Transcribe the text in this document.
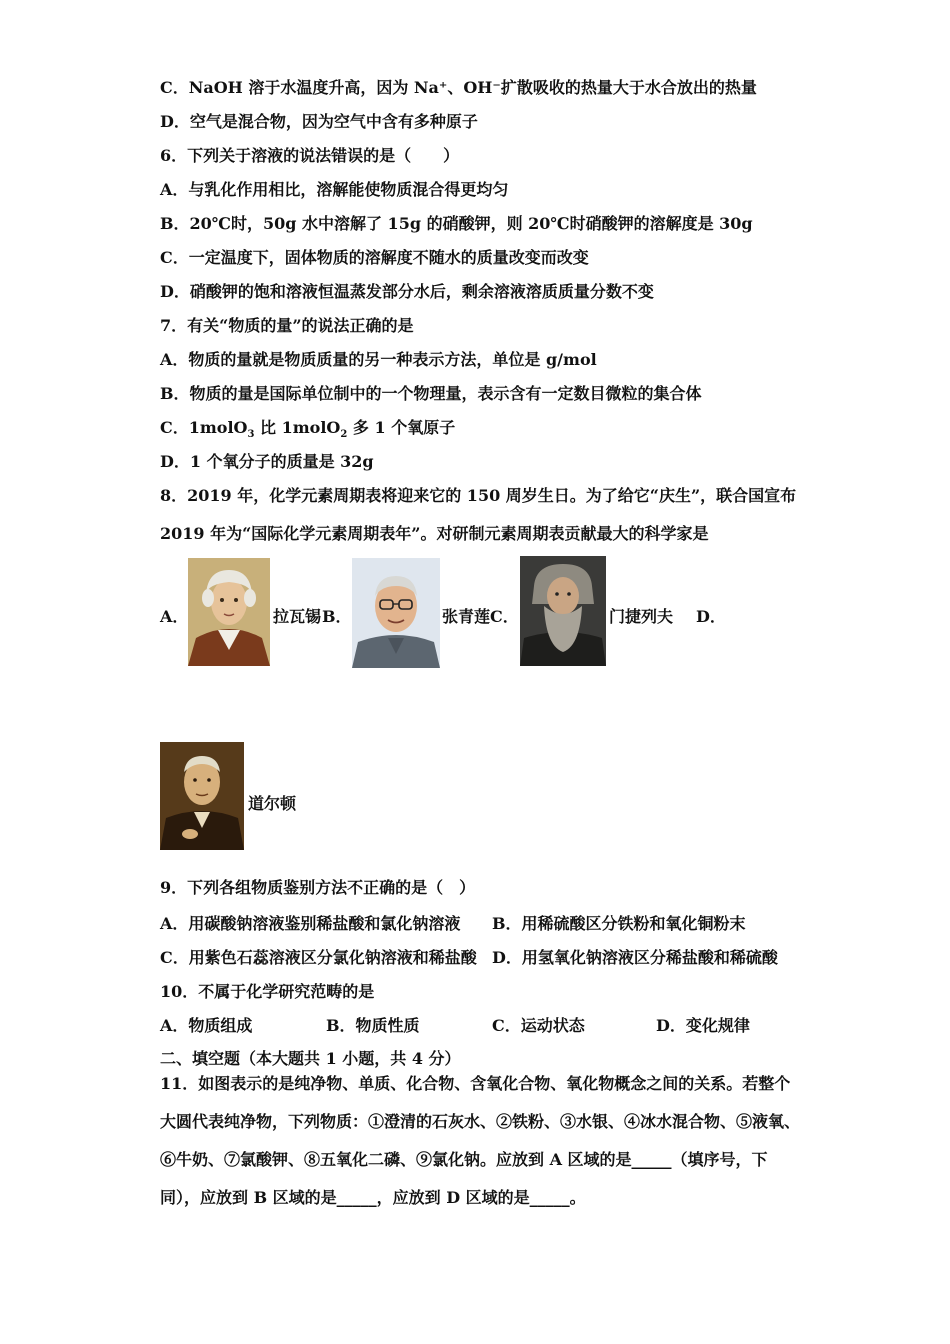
C．NaOH 溶于水温度升高，因为 Na⁺、OH⁻扩散吸收的热量大于水合放出的热量
D．空气是混合物，因为空气中含有多种原子
6．下列关于溶液的说法错误的是（　　）
A．与乳化作用相比，溶解能使物质混合得更均匀
B．20℃时，50g 水中溶解了 15g 的硝酸钾，则 20℃时硝酸钾的溶解度是 30g
C．一定温度下，固体物质的溶解度不随水的质量改变而改变
D．硝酸钾的饱和溶液恒温蒸发部分水后，剩余溶液溶质质量分数不变
7．有关“物质的量”的说法正确的是
A．物质的量就是物质质量的另一种表示方法，单位是 g/mol
B．物质的量是国际单位制中的一个物理量，表示含有一定数目微粒的集合体
C．1molO$_3$ 比 1molO$_2$ 多 1 个氧原子
D．1 个氧分子的质量是 32g
8．2019 年，化学元素周期表将迎来它的 150 周岁生日。为了给它“庆生”，联合国宣布
2019 年为“国际化学元素周期表年”。对研制元素周期表贡献最大的科学家是
A．	拉瓦锡 B．	张青莲 C．	门捷列夫 D．
道尔顿
9．下列各组物质鉴别方法不正确的是（　）
A．用碳酸钠溶液鉴别稀盐酸和氯化钠溶液 B．用稀硫酸区分铁粉和氧化铜粉末
C．用紫色石蕊溶液区分氯化钠溶液和稀盐酸 D．用氢氧化钠溶液区分稀盐酸和稀硫酸
10．不属于化学研究范畴的是
A．物质组成	B．物质性质	C．运动状态	D．变化规律
二、填空题（本大题共 1 小题，共 4 分）
11．如图表示的是纯净物、单质、化合物、含氧化合物、氧化物概念之间的关系。若整个
大圆代表纯净物，下列物质：①澄清的石灰水、②铁粉、③水银、④冰水混合物、⑤液氧、
⑥牛奶、⑦氯酸钾、⑧五氧化二磷、⑨氯化钠。应放到 A 区域的是_____（填序号，下
同），应放到 B 区域的是_____，应放到 D 区域的是_____。
